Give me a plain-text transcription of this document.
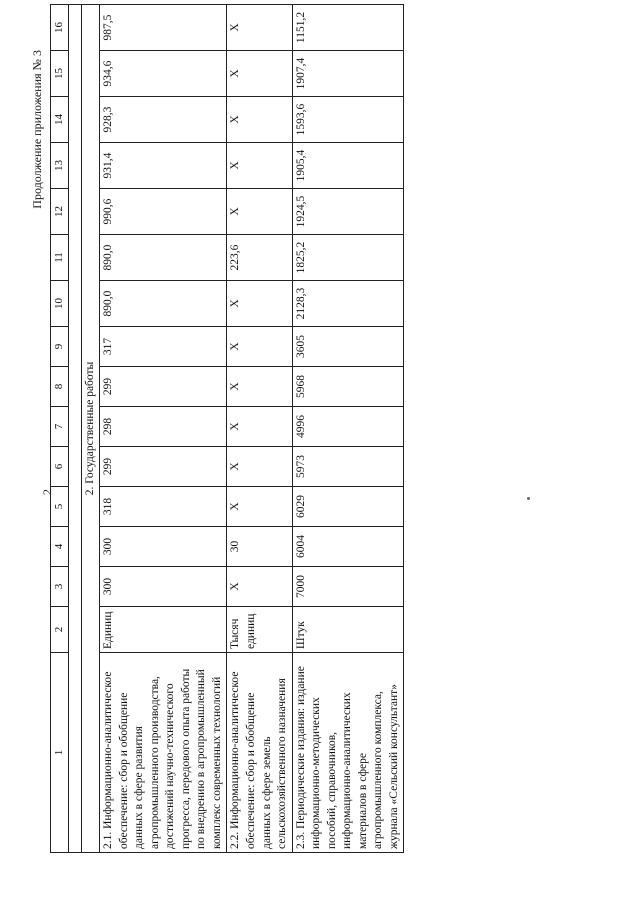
2
Продолжение приложения № 3
1	2	3	4	5	6	7	8	9	10	11	12	13	14	15	16

2. Государственные работы															
2.1. Информационно-аналитическое обеспечение: сбор и обобщение данных в сфере развития агропромышленного производства, достижений научно-технического прогресса, передового опыта работы по внедрению в агропромышленный комплекс современных технологий	Единиц	300	300	318	299	298	299	317	890,0	890,0	990,6	931,4	928,3	934,6	987,5
2.2. Информационно-аналитическое обеспечение: сбор и обобщение данных в сфере земель сельскохозяйственного назначения	Тысяч единиц	Х	30	Х	Х	Х	Х	Х	Х	223,6	Х	Х	Х	Х	Х
2.3. Периодические издания: издание информационно-методических пособий, справочников, информационно-аналитических материалов в сфере агропромышленного комплекса, журнала «Сельский консультант»	Штук	7000	6004	6029	5973	4996	5968	3605	2128,3	1825,2	1924,5	1905,4	1593,6	1907,4	1151,2
